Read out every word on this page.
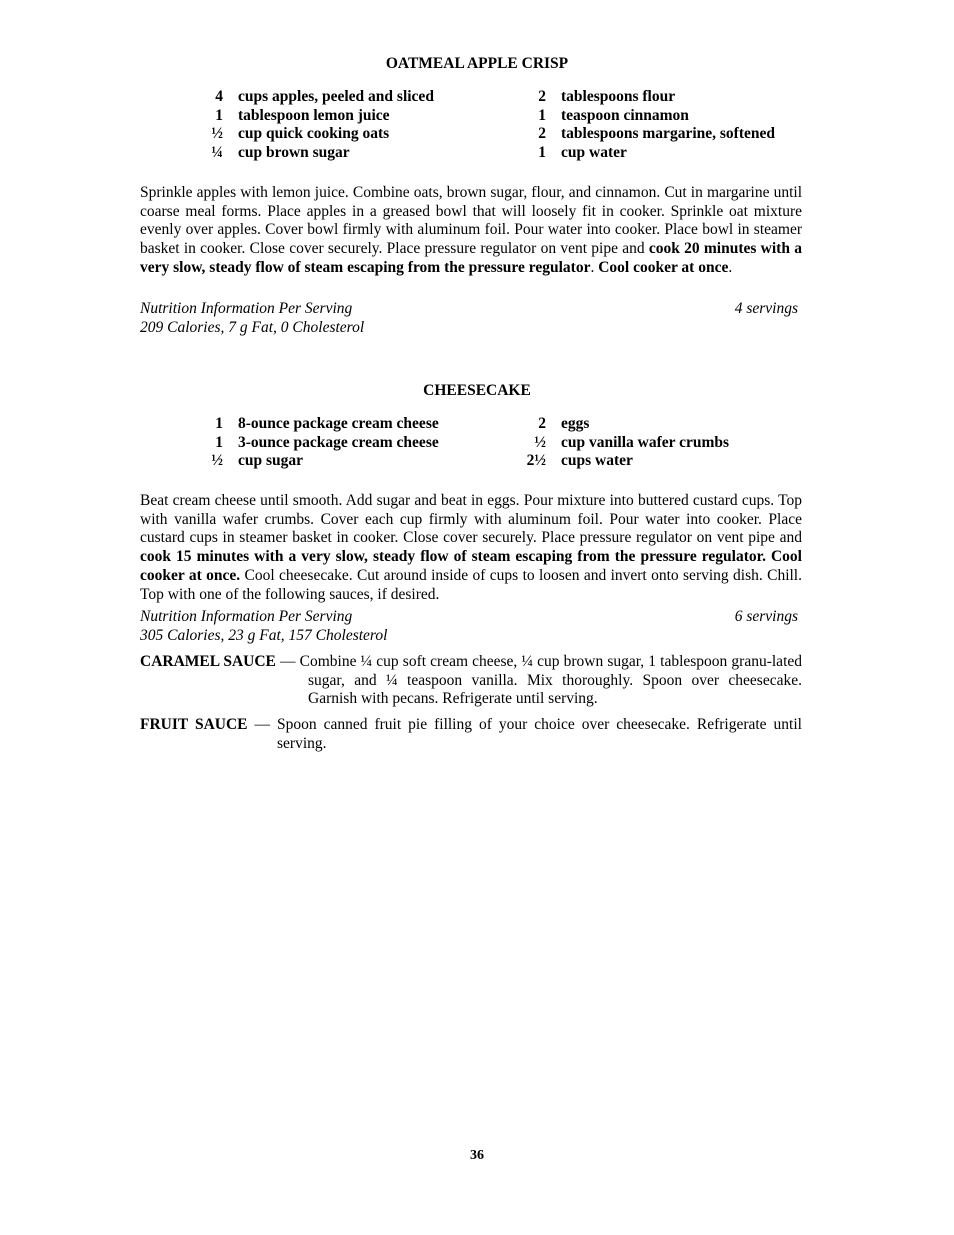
OATMEAL APPLE CRISP
4 cups apples, peeled and sliced
1 tablespoon lemon juice
½ cup quick cooking oats
¼ cup brown sugar
2 tablespoons flour
1 teaspoon cinnamon
2 tablespoons margarine, softened
1 cup water
Sprinkle apples with lemon juice. Combine oats, brown sugar, flour, and cinnamon. Cut in margarine until coarse meal forms. Place apples in a greased bowl that will loosely fit in cooker. Sprinkle oat mixture evenly over apples. Cover bowl firmly with aluminum foil. Pour water into cooker. Place bowl in steamer basket in cooker. Close cover securely. Place pressure regulator on vent pipe and cook 20 minutes with a very slow, steady flow of steam escaping from the pressure regulator. Cool cooker at once.
Nutrition Information Per Serving	4 servings
209 Calories, 7 g Fat, 0 Cholesterol
CHEESECAKE
1 8-ounce package cream cheese
1 3-ounce package cream cheese
½ cup sugar
2 eggs
½ cup vanilla wafer crumbs
2½ cups water
Beat cream cheese until smooth. Add sugar and beat in eggs. Pour mixture into buttered custard cups. Top with vanilla wafer crumbs. Cover each cup firmly with aluminum foil. Pour water into cooker. Place custard cups in steamer basket in cooker. Close cover securely. Place pressure regulator on vent pipe and cook 15 minutes with a very slow, steady flow of steam escaping from the pressure regulator. Cool cooker at once. Cool cheesecake. Cut around inside of cups to loosen and invert onto serving dish. Chill. Top with one of the following sauces, if desired.
Nutrition Information Per Serving	6 servings
305 Calories, 23 g Fat, 157 Cholesterol
CARAMEL SAUCE — Combine ¼ cup soft cream cheese, ¼ cup brown sugar, 1 tablespoon granu-lated sugar, and ¼ teaspoon vanilla. Mix thoroughly. Spoon over cheesecake. Garnish with pecans. Refrigerate until serving.
FRUIT SAUCE — Spoon canned fruit pie filling of your choice over cheesecake. Refrigerate until serving.
36
